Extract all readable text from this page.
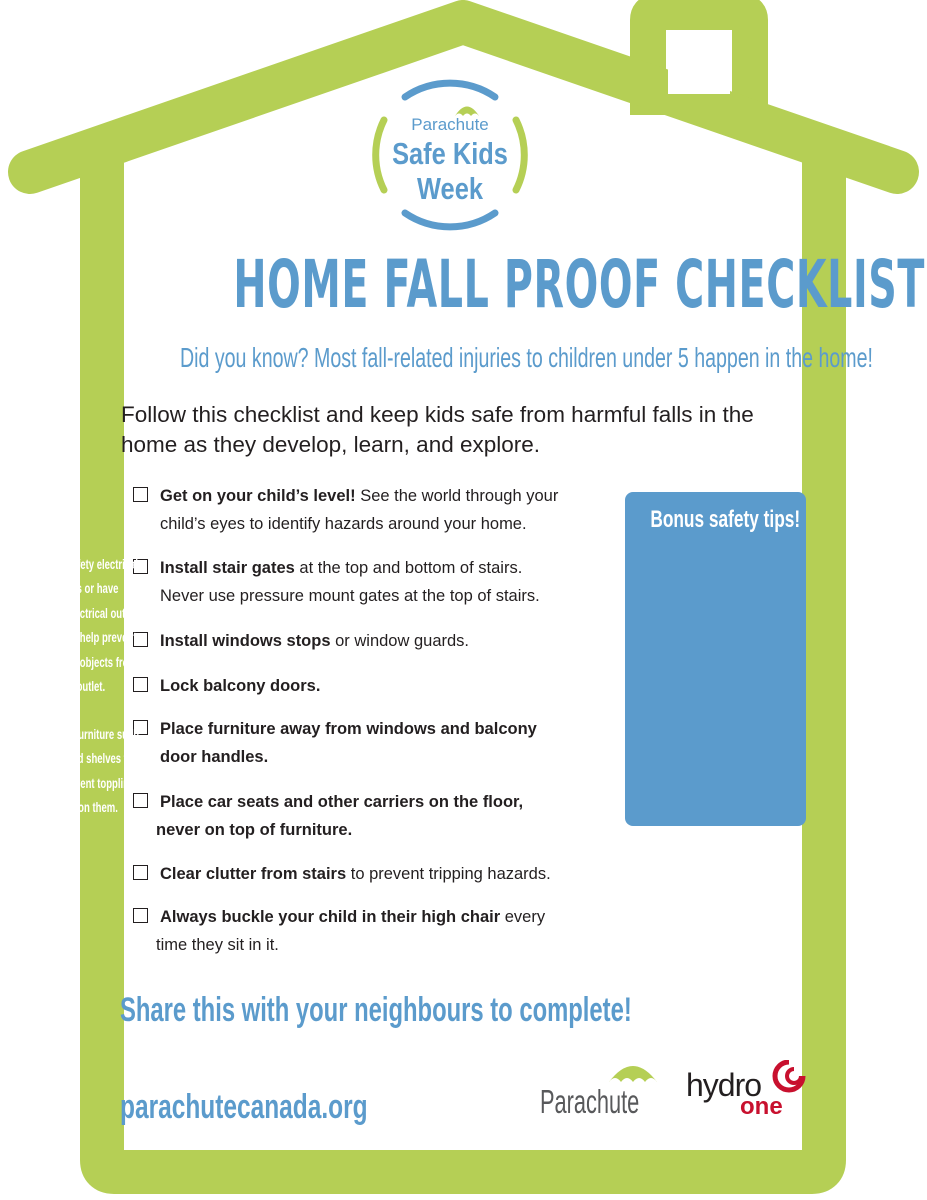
Parachute
Safe Kids
Week
HOME FALL PROOF CHECKLIST
Did you know? Most fall-related injuries to children under 5 happen in the home!
Follow this checklist and keep kids safe from harmful falls in the home as they develop, learn, and explore.
Get on your child’s level! See the world through your
child’s eyes to identify hazards around your home.
Install stair gates at the top and bottom of stairs.
Never use pressure mount gates at the top of stairs.
Install windows stops or window guards.
Lock balcony doors.
Place furniture away from windows and balcony
door handles.
Place car seats and other carriers on the floor,
never on top of furniture.
Clear clutter from stairs to prevent tripping hazards.
Always buckle your child in their high chair every
time they sit in it.
Bonus safety tips!
Install child-safety electrical
plugs or covers or have
child-safety electrical outlets
installed. They help prevent
little fingers or objects from
going into the outlet.
Secure heavy furniture such
as dressers and shelves to
the wall to prevent toppling if
children climb on them.
Share this with your neighbours to complete!
parachutecanada.org	Parachute hydro
one
